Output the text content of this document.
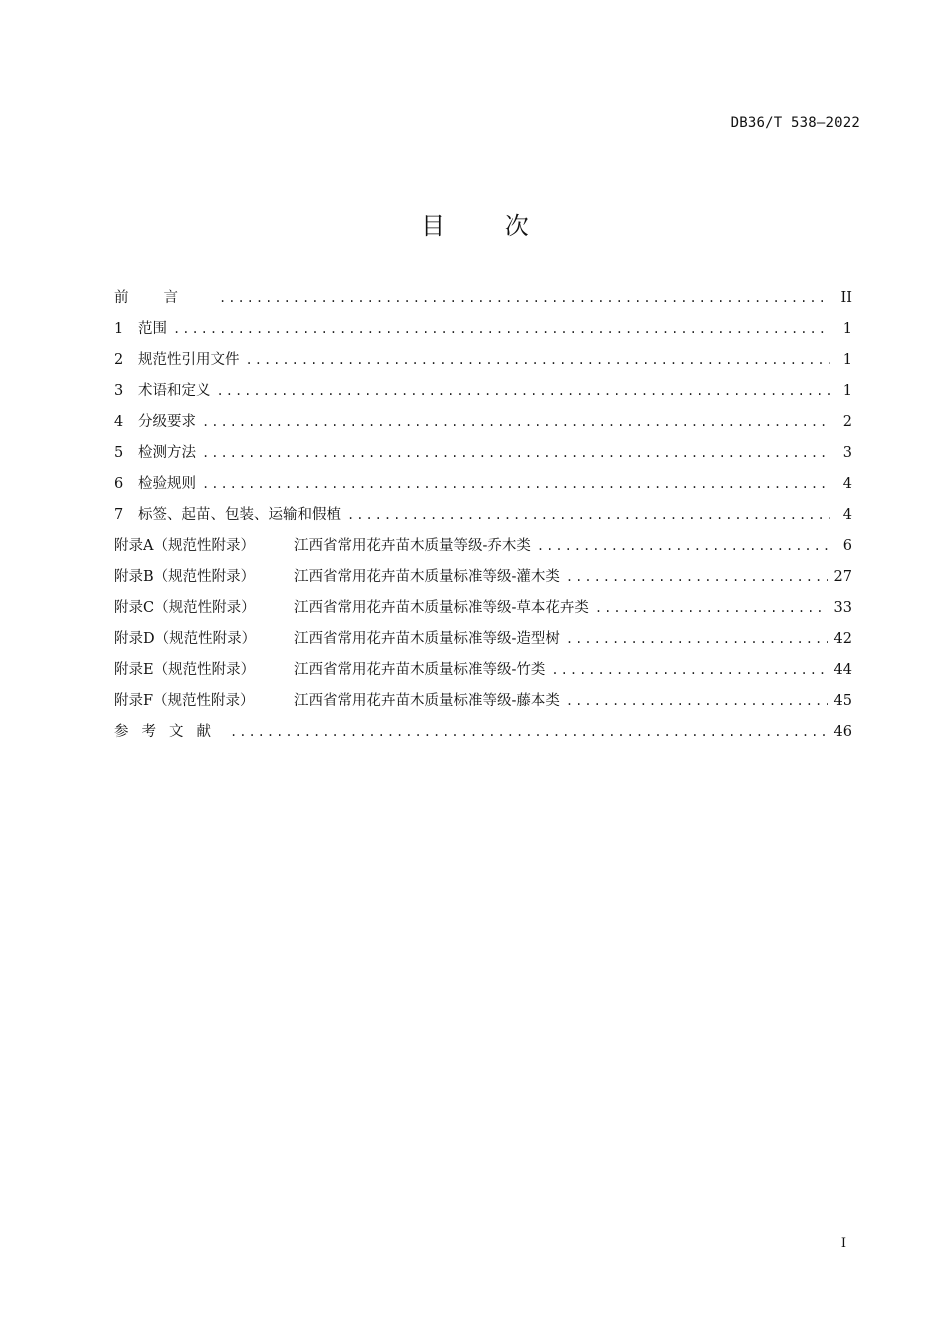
DB36/T 538—2022
目 次
前言 .....	II
1	范围 .....	1
2	规范性引用文件 .....	1
3	术语和定义 .....	1
4	分级要求 .....	2
5	检测方法 .....	3
6	检验规则 .....	4
7	标签、起苗、包装、运输和假植 .....	4
附录A（规范性附录）	江西省常用花卉苗木质量等级-乔木类 .....	6
附录B（规范性附录）	江西省常用花卉苗木质量标准等级-灌木类 .....	27
附录C（规范性附录）	江西省常用花卉苗木质量标准等级-草本花卉类 .....	33
附录D（规范性附录）	江西省常用花卉苗木质量标准等级-造型树 .....	42
附录E（规范性附录）	江西省常用花卉苗木质量标准等级-竹类 .....	44
附录F（规范性附录）	江西省常用花卉苗木质量标准等级-藤本类 .....	45
参考文献 .....	46
I
